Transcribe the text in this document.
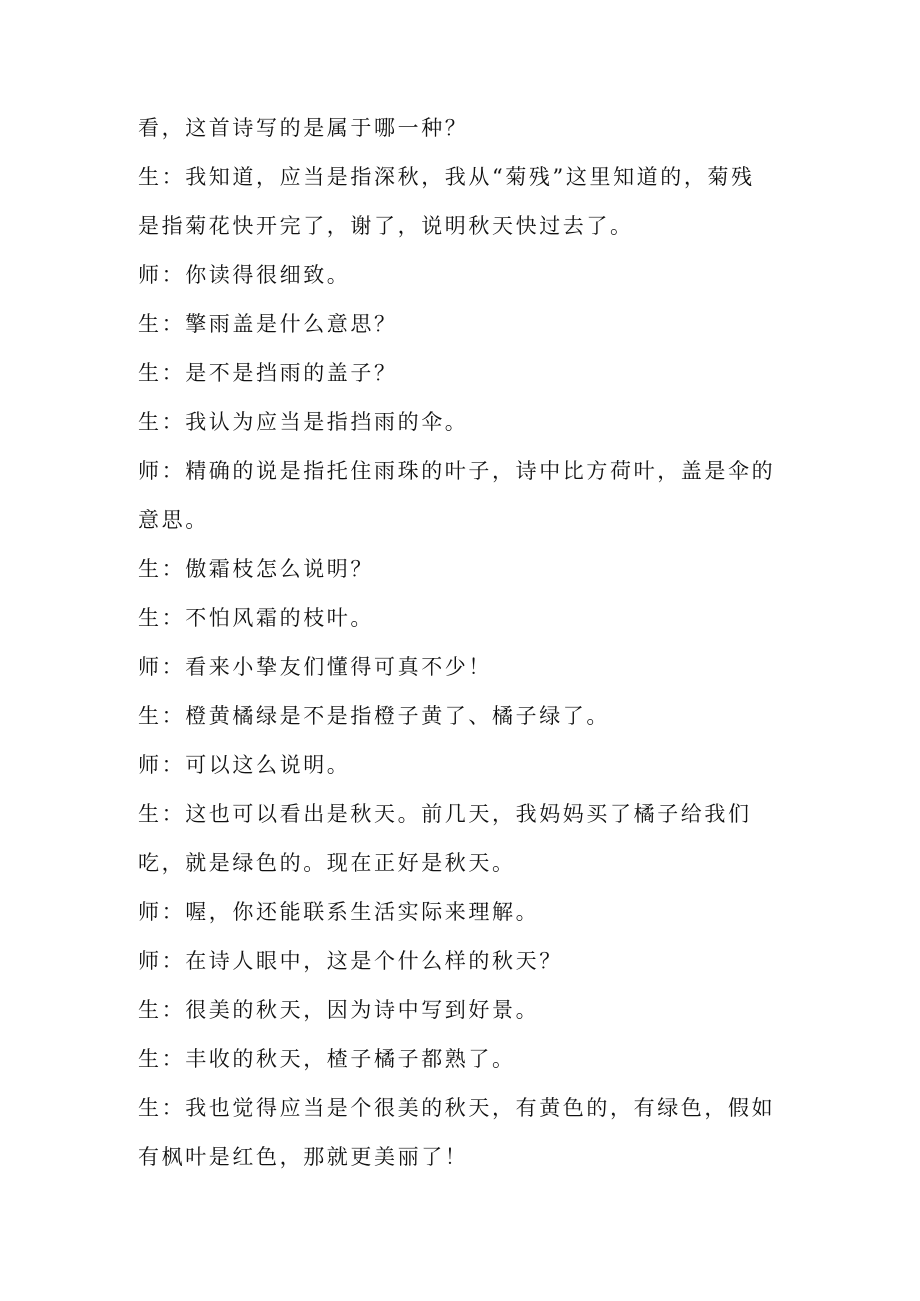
看，这首诗写的是属于哪一种？
生：我知道，应当是指深秋，我从“菊残”这里知道的，菊残
是指菊花快开完了，谢了，说明秋天快过去了。
师：你读得很细致。
生：擎雨盖是什么意思？
生：是不是挡雨的盖子？
生：我认为应当是指挡雨的伞。
师：精确的说是指托住雨珠的叶子，诗中比方荷叶，盖是伞的
意思。
生：傲霜枝怎么说明？
生：不怕风霜的枝叶。
师：看来小挚友们懂得可真不少！
生：橙黄橘绿是不是指橙子黄了、橘子绿了。
师：可以这么说明。
生：这也可以看出是秋天。前几天，我妈妈买了橘子给我们
吃，就是绿色的。现在正好是秋天。
师：喔，你还能联系生活实际来理解。
师：在诗人眼中，这是个什么样的秋天？
生：很美的秋天，因为诗中写到好景。
生：丰收的秋天，楂子橘子都熟了。
生：我也觉得应当是个很美的秋天，有黄色的，有绿色，假如
有枫叶是红色，那就更美丽了！
